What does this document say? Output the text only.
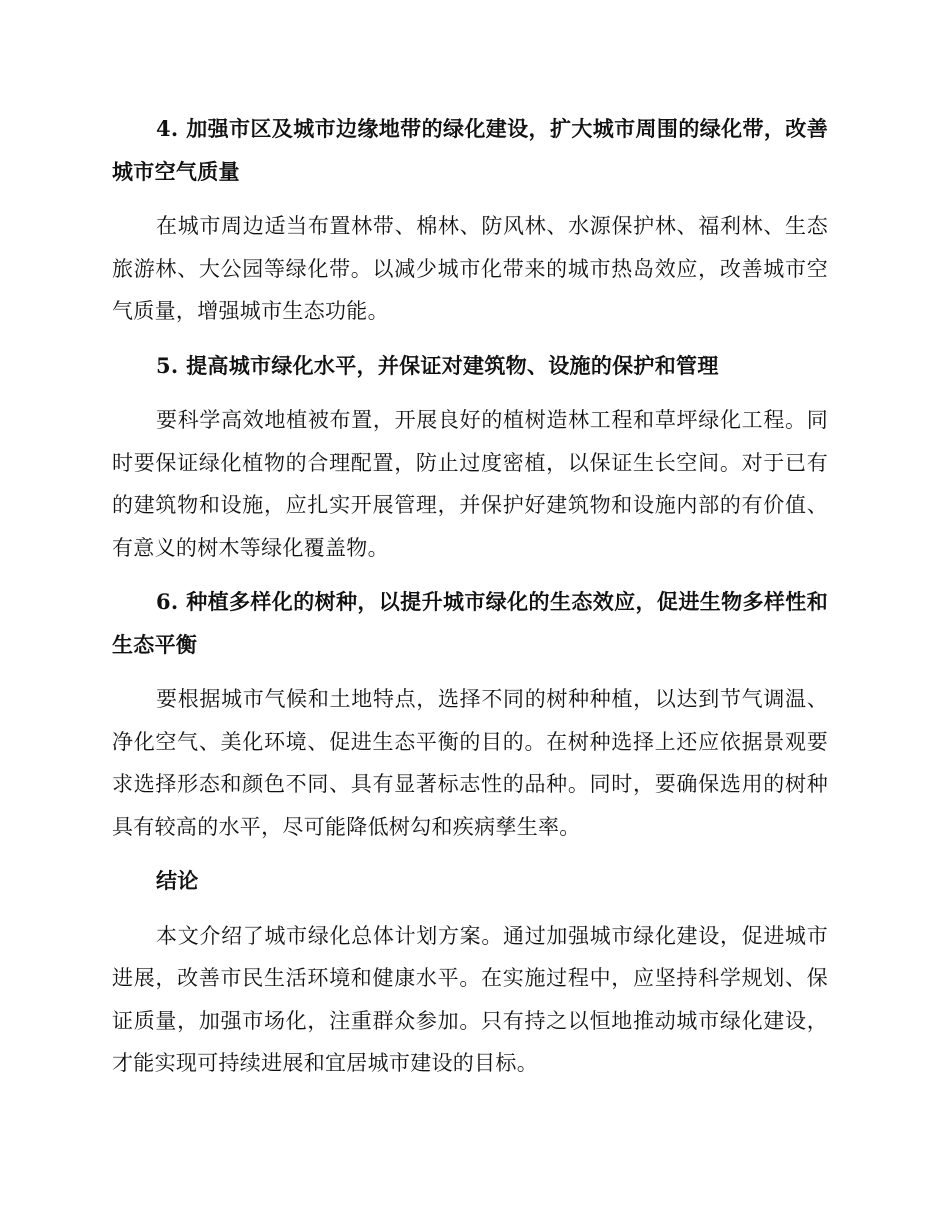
4. 加强市区及城市边缘地带的绿化建设，扩大城市周围的绿化带，改善城市空气质量

在城市周边适当布置林带、棉林、防风林、水源保护林、福利林、生态旅游林、大公园等绿化带。以减少城市化带来的城市热岛效应，改善城市空气质量，增强城市生态功能。

5. 提高城市绿化水平，并保证对建筑物、设施的保护和管理

要科学高效地植被布置，开展良好的植树造林工程和草坪绿化工程。同时要保证绿化植物的合理配置，防止过度密植，以保证生长空间。对于已有的建筑物和设施，应扎实开展管理，并保护好建筑物和设施内部的有价值、有意义的树木等绿化覆盖物。

6. 种植多样化的树种，以提升城市绿化的生态效应，促进生物多样性和生态平衡

要根据城市气候和土地特点，选择不同的树种种植，以达到节气调温、净化空气、美化环境、促进生态平衡的目的。在树种选择上还应依据景观要求选择形态和颜色不同、具有显著标志性的品种。同时，要确保选用的树种具有较高的水平，尽可能降低树勾和疾病孳生率。

结论

本文介绍了城市绿化总体计划方案。通过加强城市绿化建设，促进城市进展，改善市民生活环境和健康水平。在实施过程中，应坚持科学规划、保证质量，加强市场化，注重群众参加。只有持之以恒地推动城市绿化建设，才能实现可持续进展和宜居城市建设的目标。
